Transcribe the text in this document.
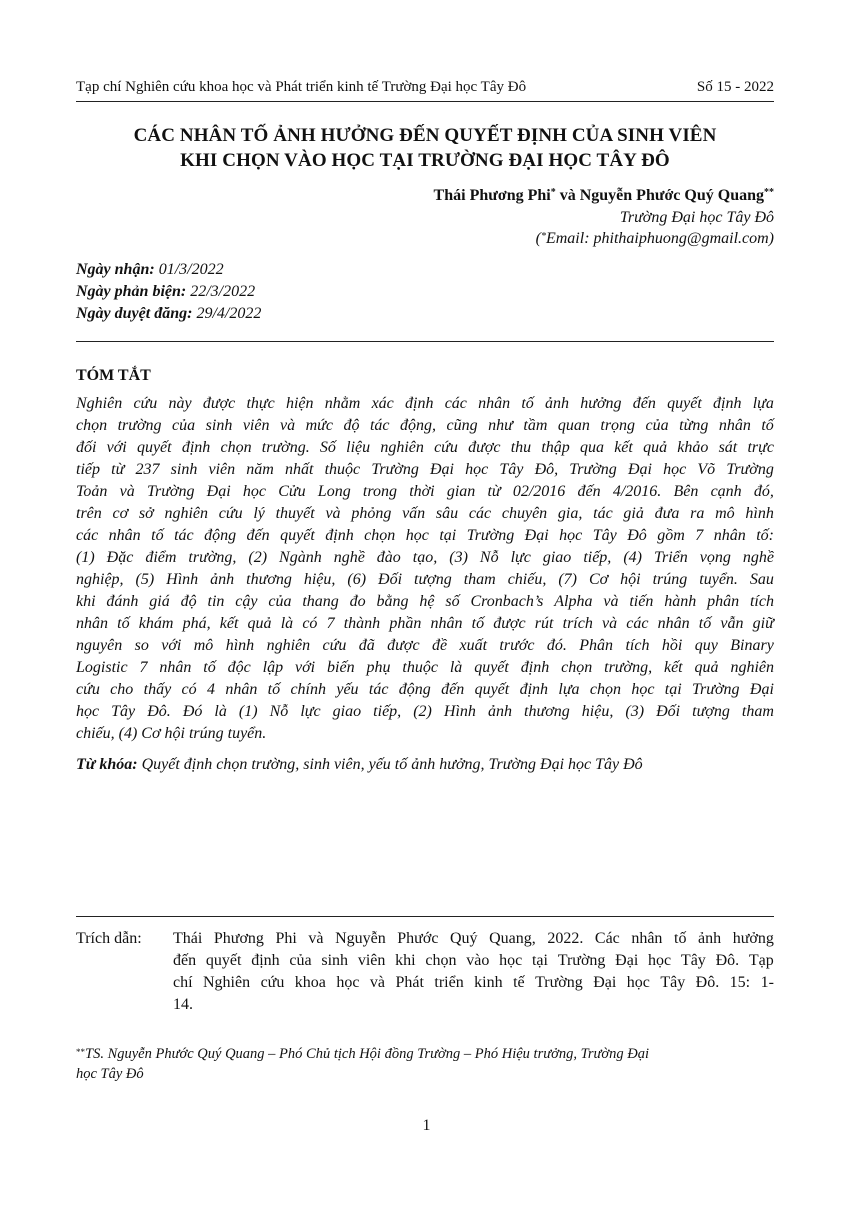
Tạp chí Nghiên cứu khoa học và Phát triển kinh tế Trường Đại học Tây Đô	Số 15 - 2022
CÁC NHÂN TỐ ẢNH HƯỞNG ĐẾN QUYẾT ĐỊNH CỦA SINH VIÊN
KHI CHỌN VÀO HỌC TẠI TRƯỜNG ĐẠI HỌC TÂY ĐÔ
Thái Phương Phi* và Nguyễn Phước Quý Quang**
Trường Đại học Tây Đô
(*Email: phithaiphuong@gmail.com)
Ngày nhận: 01/3/2022
Ngày phản biện: 22/3/2022
Ngày duyệt đăng: 29/4/2022
TÓM TẮT
Nghiên cứu này được thực hiện nhằm xác định các nhân tố ảnh hưởng đến quyết định lựa
chọn trường của sinh viên và mức độ tác động, cũng như tầm quan trọng của từng nhân tố
đối với quyết định chọn trường. Số liệu nghiên cứu được thu thập qua kết quả khảo sát trực
tiếp từ 237 sinh viên năm nhất thuộc Trường Đại học Tây Đô, Trường Đại học Võ Trường
Toản và Trường Đại học Cửu Long trong thời gian từ 02/2016 đến 4/2016. Bên cạnh đó,
trên cơ sở nghiên cứu lý thuyết và phỏng vấn sâu các chuyên gia, tác giả đưa ra mô hình
các nhân tố tác động đến quyết định chọn học tại Trường Đại học Tây Đô gồm 7 nhân tố:
(1) Đặc điểm trường, (2) Ngành nghề đào tạo, (3) Nỗ lực giao tiếp, (4) Triển vọng nghề
nghiệp, (5) Hình ảnh thương hiệu, (6) Đối tượng tham chiếu, (7) Cơ hội trúng tuyển. Sau
khi đánh giá độ tin cậy của thang đo bằng hệ số Cronbach’s Alpha và tiến hành phân tích
nhân tố khám phá, kết quả là có 7 thành phần nhân tố được rút trích và các nhân tố vẫn giữ
nguyên so với mô hình nghiên cứu đã được đề xuất trước đó. Phân tích hồi quy Binary
Logistic 7 nhân tố độc lập với biến phụ thuộc là quyết định chọn trường, kết quả nghiên
cứu cho thấy có 4 nhân tố chính yếu tác động đến quyết định lựa chọn học tại Trường Đại
học Tây Đô. Đó là (1) Nỗ lực giao tiếp, (2) Hình ảnh thương hiệu, (3) Đối tượng tham
chiếu, (4) Cơ hội trúng tuyển.
Từ khóa: Quyết định chọn trường, sinh viên, yếu tố ảnh hưởng, Trường Đại học Tây Đô
Trích dẫn: Thái Phương Phi và Nguyễn Phước Quý Quang, 2022. Các nhân tố ảnh hưởng
đến quyết định của sinh viên khi chọn vào học tại Trường Đại học Tây Đô. Tạp
chí Nghiên cứu khoa học và Phát triển kinh tế Trường Đại học Tây Đô. 15: 1-
14.
**TS. Nguyễn Phước Quý Quang – Phó Chủ tịch Hội đồng Trường – Phó Hiệu trưởng, Trường Đại
học Tây Đô
1
